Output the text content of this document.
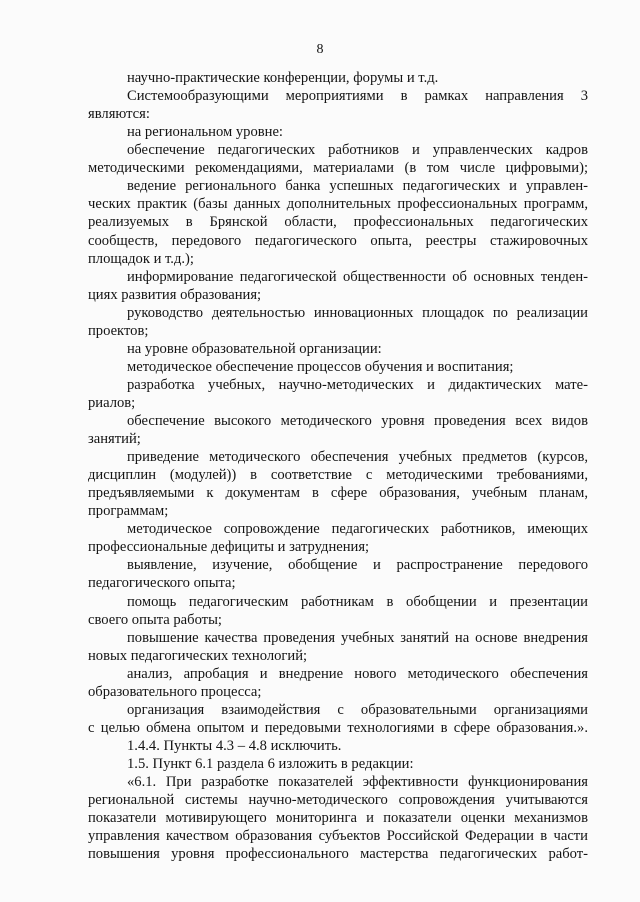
8
научно-практические конференции, форумы и т.д.
Системообразующими мероприятиями в рамках направления 3
являются:
на региональном уровне:
обеспечение педагогических работников и управленческих кадров
методическими рекомендациями, материалами (в том числе цифровыми);
ведение регионального банка успешных педагогических и управлен-
ческих практик (базы данных дополнительных профессиональных программ,
реализуемых в Брянской области, профессиональных педагогических
сообществ, передового педагогического опыта, реестры стажировочных
площадок и т.д.);
информирование педагогической общественности об основных тенден-
циях развития образования;
руководство деятельностью инновационных площадок по реализации
проектов;
на уровне образовательной организации:
методическое обеспечение процессов обучения и воспитания;
разработка учебных, научно-методических и дидактических мате-
риалов;
обеспечение высокого методического уровня проведения всех видов
занятий;
приведение методического обеспечения учебных предметов (курсов,
дисциплин (модулей)) в соответствие с методическими требованиями,
предъявляемыми к документам в сфере образования, учебным планам,
программам;
методическое сопровождение педагогических работников, имеющих
профессиональные дефициты и затруднения;
выявление, изучение, обобщение и распространение передового
педагогического опыта;
помощь педагогическим работникам в обобщении и презентации
своего опыта работы;
повышение качества проведения учебных занятий на основе внедрения
новых педагогических технологий;
анализ, апробация и внедрение нового методического обеспечения
образовательного процесса;
организация взаимодействия с образовательными организациями
с целью обмена опытом и передовыми технологиями в сфере образования.».
1.4.4. Пункты 4.3 – 4.8 исключить.
1.5. Пункт 6.1 раздела 6 изложить в редакции:
«6.1. При разработке показателей эффективности функционирования
региональной системы научно-методического сопровождения учитываются
показатели мотивирующего мониторинга и показатели оценки механизмов
управления качеством образования субъектов Российской Федерации в части
повышения уровня профессионального мастерства педагогических работ-
